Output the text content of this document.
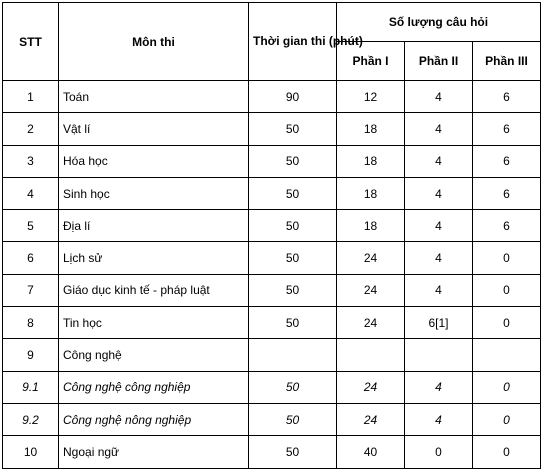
STT	Môn thi	Thời gian thi (phút)	Số lượng câu hỏi		
			Phần I	Phần II	Phần III
1	Toán	90	12	4	6
2	Vật lí	50	18	4	6
3	Hóa học	50	18	4	6
4	Sinh học	50	18	4	6
5	Địa lí	50	18	4	6
6	Lịch sử	50	24	4	0
7	Giáo dục kinh tế - pháp luật	50	24	4	0
8	Tin học	50	24	6[1]	0
9	Công nghệ				
9.1	Công nghệ công nghiệp	50	24	4	0
9.2	Công nghệ nông nghiệp	50	24	4	0
10	Ngoại ngữ	50	40	0	0
